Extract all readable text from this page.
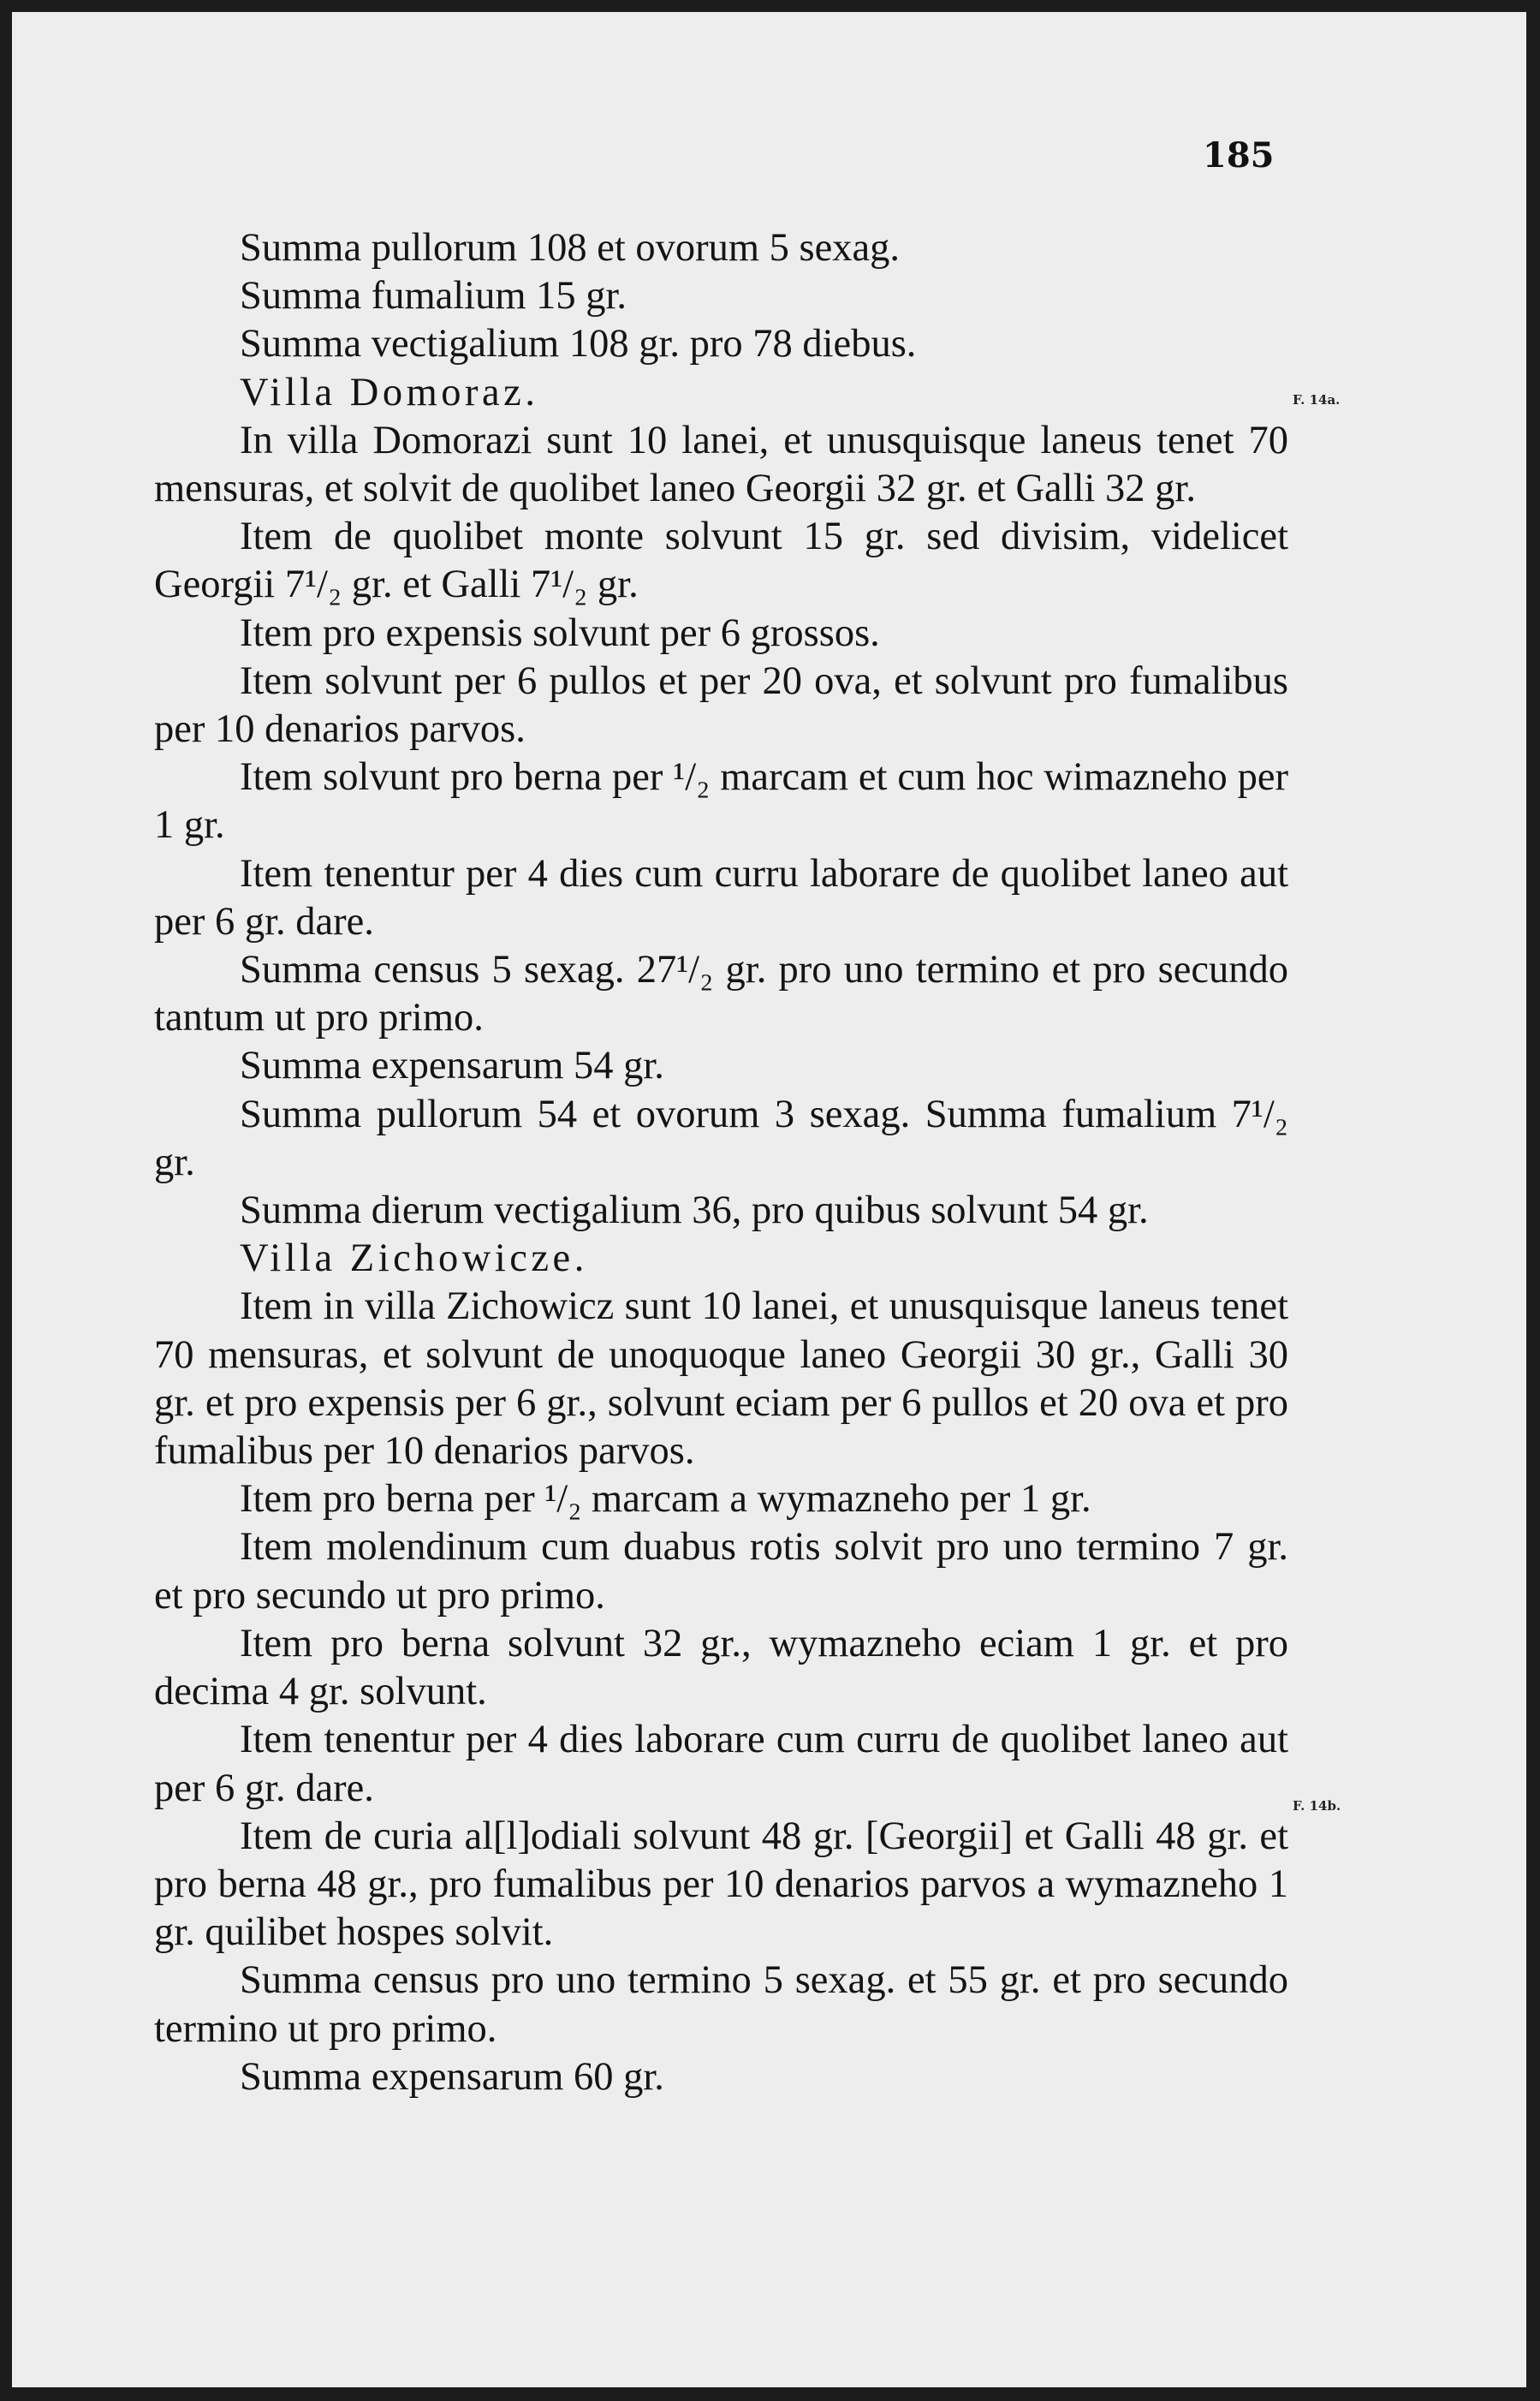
185
F. 14a.
F. 14b.
Summa pullorum 108 et ovorum 5 sexag.
Summa fumalium 15 gr.
Summa vectigalium 108 gr. pro 78 diebus.
Villa Domoraz.
In villa Domorazi sunt 10 lanei, et unusquisque laneus tenet 70 mensuras, et solvit de quolibet laneo Georgii 32 gr. et Galli 32 gr.
Item de quolibet monte solvunt 15 gr. sed divisim, videlicet Georgii 7¹/₂ gr. et Galli 7¹/₂ gr.
Item pro expensis solvunt per 6 grossos.
Item solvunt per 6 pullos et per 20 ova, et solvunt pro fumalibus per 10 denarios parvos.
Item solvunt pro berna per ¹/₂ marcam et cum hoc wimazneho per 1 gr.
Item tenentur per 4 dies cum curru laborare de quolibet laneo aut per 6 gr. dare.
Summa census 5 sexag. 27¹/₂ gr. pro uno termino et pro secundo tantum ut pro primo.
Summa expensarum 54 gr.
Summa pullorum 54 et ovorum 3 sexag. Summa fumalium 7¹/₂ gr.
Summa dierum vectigalium 36, pro quibus solvunt 54 gr.
Villa Zichowicze.
Item in villa Zichowicz sunt 10 lanei, et unusquisque laneus tenet 70 mensuras, et solvunt de unoquoque laneo Georgii 30 gr., Galli 30 gr. et pro expensis per 6 gr., solvunt eciam per 6 pullos et 20 ova et pro fumalibus per 10 denarios parvos.
Item pro berna per ¹/₂ marcam a wymazneho per 1 gr.
Item molendinum cum duabus rotis solvit pro uno termino 7 gr. et pro secundo ut pro primo.
Item pro berna solvunt 32 gr., wymazneho eciam 1 gr. et pro decima 4 gr. solvunt.
Item tenentur per 4 dies laborare cum curru de quolibet laneo aut per 6 gr. dare.
Item de curia al[l]odiali solvunt 48 gr. [Georgii] et Galli 48 gr. et pro berna 48 gr., pro fumalibus per 10 denarios parvos a wymazneho 1 gr. quilibet hospes solvit.
Summa census pro uno termino 5 sexag. et 55 gr. et pro secundo termino ut pro primo.
Summa expensarum 60 gr.
